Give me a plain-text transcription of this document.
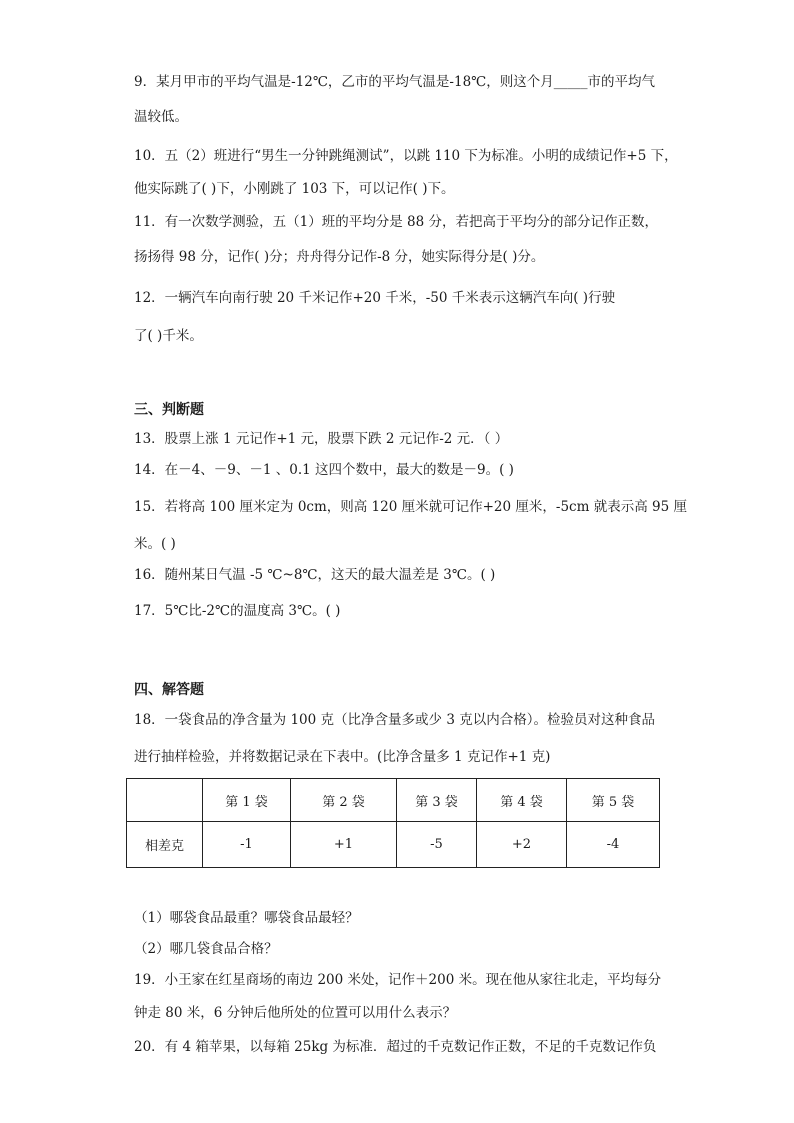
9．某月甲市的平均气温是-12℃，乙市的平均气温是-18℃，则这个月_____市的平均气
温较低。
10．五（2）班进行“男生一分钟跳绳测试”，以跳 110 下为标准。小明的成绩记作+5 下，
他实际跳了( )下，小刚跳了 103 下，可以记作( )下。
11．有一次数学测验，五（1）班的平均分是 88 分，若把高于平均分的部分记作正数，
扬扬得 98 分，记作( )分；舟舟得分记作-8 分，她实际得分是( )分。
12．一辆汽车向南行驶 20 千米记作+20 千米，-50 千米表示这辆汽车向( )行驶
了( )千米。
三、判断题
13．股票上涨 1 元记作+1 元，股票下跌 2 元记作-2 元．（ ）
14．在－4、－9、－1 、0.1 这四个数中，最大的数是－9。( )
15．若将高 100 厘米定为 0cm，则高 120 厘米就可记作+20 厘米，-5cm 就表示高 95 厘
米。( )
16．随州某日气温 -5 ℃~8℃，这天的最大温差是 3℃。( )
17．5℃比-2℃的温度高 3℃。( )
四、解答题
18．一袋食品的净含量为 100 克（比净含量多或少 3 克以内合格）。检验员对这种食品
进行抽样检验，并将数据记录在下表中。(比净含量多 1 克记作+1 克)
	第 1 袋	第 2 袋	第 3 袋	第 4 袋	第 5 袋
相差克	-1	+1	-5	+2	-4
（1）哪袋食品最重？哪袋食品最轻？
（2）哪几袋食品合格？
19．小王家在红星商场的南边 200 米处，记作＋200 米。现在他从家往北走，平均每分
钟走 80 米，6 分钟后他所处的位置可以用什么表示？
20．有 4 箱苹果，以每箱 25kg 为标准．超过的千克数记作正数，不足的千克数记作负
